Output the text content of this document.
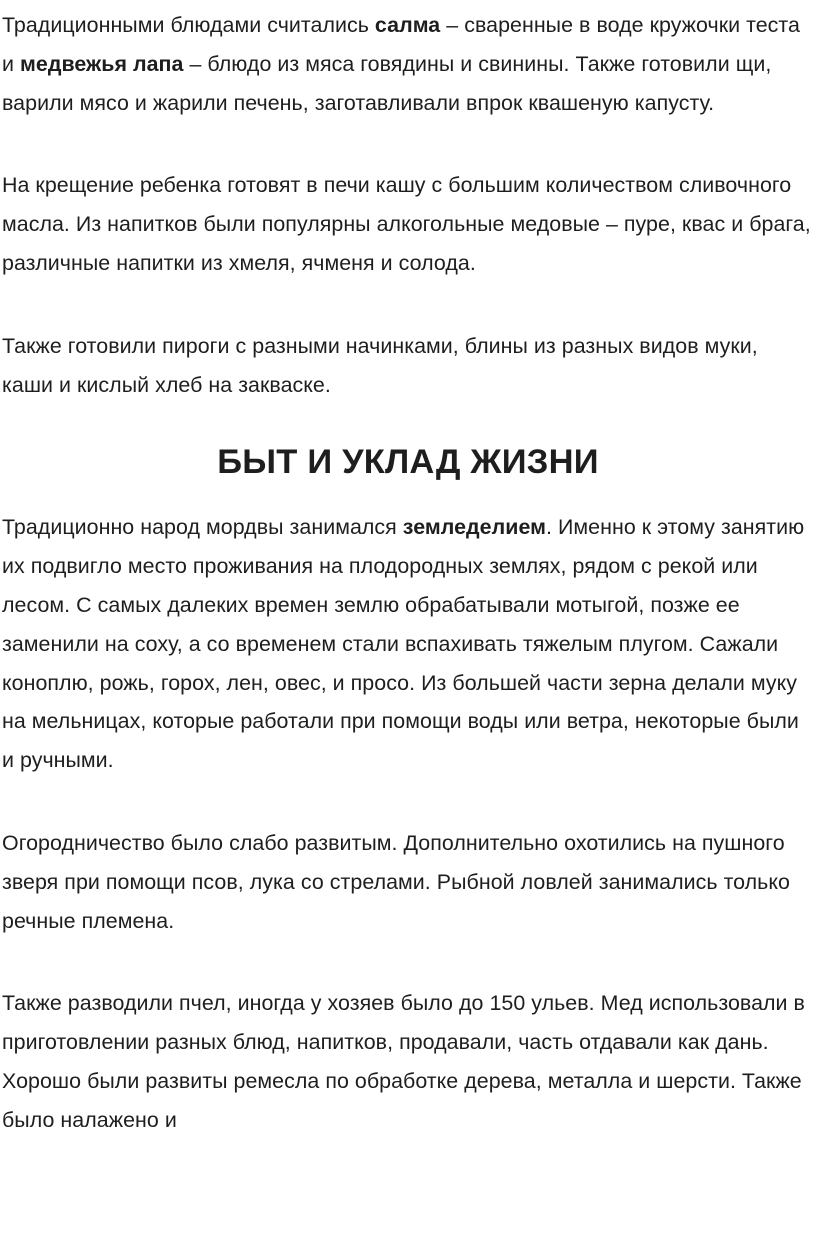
Традиционными блюдами считались салма – сваренные в воде кружочки теста и медвежья лапа – блюдо из мяса говядины и свинины. Также готовили щи, варили мясо и жарили печень, заготавливали впрок квашеную капусту.

На крещение ребенка готовят в печи кашу с большим количеством сливочного масла. Из напитков были популярны алкогольные медовые – пуре, квас и брага, различные напитки из хмеля, ячменя и солода.

Также готовили пироги с разными начинками, блины из разных видов муки, каши и кислый хлеб на закваске.

БЫТ И УКЛАД ЖИЗНИ

Традиционно народ мордвы занимался земледелием. Именно к этому занятию их подвигло место проживания на плодородных землях, рядом с рекой или лесом. С самых далеких времен землю обрабатывали мотыгой, позже ее заменили на соху, а со временем стали вспахивать тяжелым плугом. Сажали коноплю, рожь, горох, лен, овес, и просо. Из большей части зерна делали муку на мельницах, которые работали при помощи воды или ветра, некоторые были и ручными.

Огородничество было слабо развитым. Дополнительно охотились на пушного зверя при помощи псов, лука со стрелами. Рыбной ловлей занимались только речные племена.

Также разводили пчел, иногда у хозяев было до 150 ульев. Мед использовали в приготовлении разных блюд, напитков, продавали, часть отдавали как дань. Хорошо были развиты ремесла по обработке дерева, металла и шерсти. Также было налажено и
